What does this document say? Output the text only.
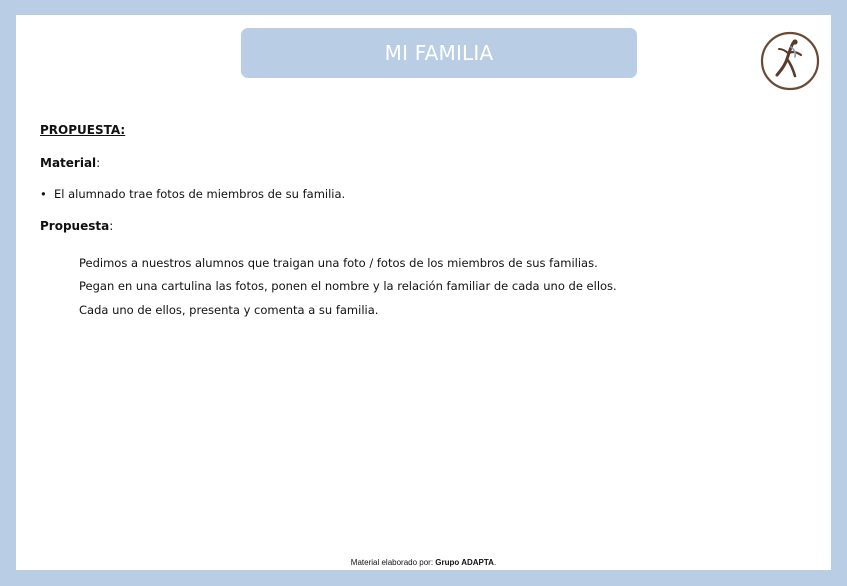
MI FAMILIA
PROPUESTA:
Material:
• El alumnado trae fotos de miembros de su familia.
Propuesta:
Pedimos a nuestros alumnos que traigan una foto / fotos de los miembros de sus familias.
Pegan en una cartulina las fotos, ponen el nombre y la relación familiar de cada uno de ellos.
Cada uno de ellos, presenta y comenta a su familia.
Material elaborado por: Grupo ADAPTA.
